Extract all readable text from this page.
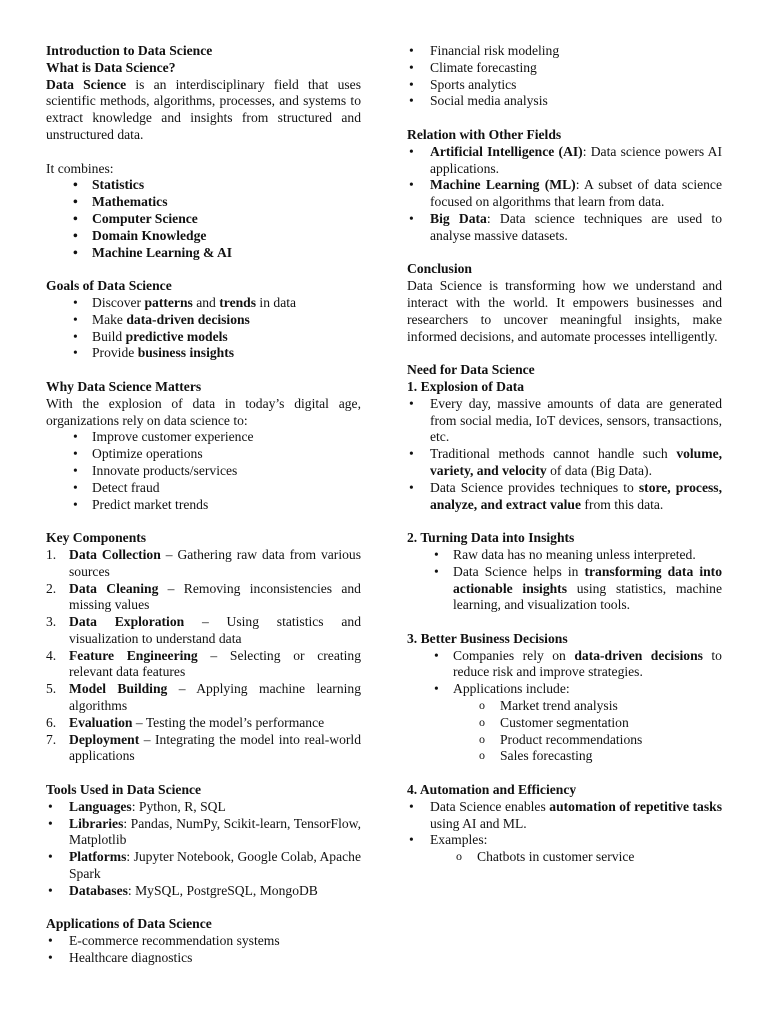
Introduction to Data Science

What is Data Science?

Data Science is an interdisciplinary field that uses scientific methods, algorithms, processes, and systems to extract knowledge and insights from structured and unstructured data.

It combines:

• Statistics
• Mathematics
• Computer Science
• Domain Knowledge
• Machine Learning & AI

Goals of Data Science

• Discover patterns and trends in data
• Make data-driven decisions
• Build predictive models
• Provide business insights

Why Data Science Matters

With the explosion of data in today’s digital age, organizations rely on data science to:

• Improve customer experience
• Optimize operations
• Innovate products/services
• Detect fraud
• Predict market trends

Key Components

1. Data Collection – Gathering raw data from various sources
2. Data Cleaning – Removing inconsistencies and missing values
3. Data Exploration – Using statistics and visualization to understand data
4. Feature Engineering – Selecting or creating relevant data features
5. Model Building – Applying machine learning algorithms
6. Evaluation – Testing the model’s performance
7. Deployment – Integrating the model into real-world applications

Tools Used in Data Science

• Languages: Python, R, SQL
• Libraries: Pandas, NumPy, Scikit-learn, TensorFlow, Matplotlib
• Platforms: Jupyter Notebook, Google Colab, Apache Spark
• Databases: MySQL, PostgreSQL, MongoDB

Applications of Data Science

• E-commerce recommendation systems
• Healthcare diagnostics
• Financial risk modeling
• Climate forecasting
• Sports analytics
• Social media analysis

Relation with Other Fields

• Artificial Intelligence (AI): Data science powers AI applications.
• Machine Learning (ML): A subset of data science focused on algorithms that learn from data.
• Big Data: Data science techniques are used to analyse massive datasets.

Conclusion

Data Science is transforming how we understand and interact with the world. It empowers businesses and researchers to uncover meaningful insights, make informed decisions, and automate processes intelligently.

Need for Data Science

1. Explosion of Data

• Every day, massive amounts of data are generated from social media, IoT devices, sensors, transactions, etc.
• Traditional methods cannot handle such volume, variety, and velocity of data (Big Data).
• Data Science provides techniques to store, process, analyze, and extract value from this data.

2. Turning Data into Insights

• Raw data has no meaning unless interpreted.
• Data Science helps in transforming data into actionable insights using statistics, machine learning, and visualization tools.

3. Better Business Decisions

• Companies rely on data-driven decisions to reduce risk and improve strategies.
• Applications include:
o Market trend analysis
o Customer segmentation
o Product recommendations
o Sales forecasting

4. Automation and Efficiency

• Data Science enables automation of repetitive tasks using AI and ML.
• Examples:
o Chatbots in customer service
